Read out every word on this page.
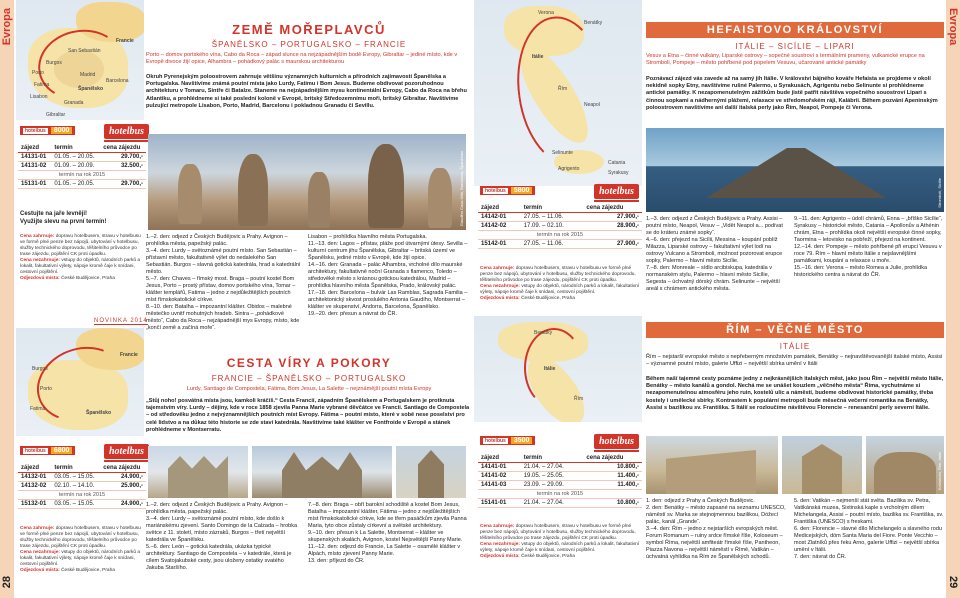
Evropa
28
Francie
San Sebastián
Burgos
Porto
Fatima
Lisabon
Madrid
Barcelona
Španělsko
Granada
Gibraltar
hotelbus	8000	hotelbus
zájezd	termín	cena zájezdu
14131-01	01.05. – 20.05.	29.700,-
14131-02	01.09. – 20.09.	32.500,-
termín na rok 2015		
15131-01	01.05. – 20.05.	29.700,-
Cestujte na jaře levněji!
Využijte slevu na první termín!
Cena zahrnuje: dopravu hotelbusem, stravu v hotelbusu ve formě plné penze bez nápojů, ubytování v hotelbusu, služby technického doprovodu, těšitelního průvodce po trase zájezdu, pojištění CK proti úpadku.
Cena nezahrnuje: vstupy do objektů, národních parků a lokalit, fakultativní výlety, nápoje kromě čaje k snídani, cestovní pojištění.
Odjezdová místa: České Budějovice, Praha
NOVINKA 2014
Francie
Burgos
Porto
Fatima
Španělsko
hotelbus	6800	hotelbus
zájezd	termín	cena zájezdu
14132-01	03.05. – 15.05.	24.900,-
14132-02	02.10. – 14.10.	25.900,-
termín na rok 2015		
15132-01	03.05. – 15.05.	24.900,-
Cena zahrnuje: dopravu hotelbusem, stravu v hotelbusu ve formě plné penze bez nápojů, ubytování v hotelbusu, služby technického doprovodu, těšitelního průvodce po trase zájezdu, pojištění CK proti úpadku.
Cena nezahrnuje: vstupy do objektů, národních parků a lokalit, fakultativní výlety, nápoje kromě čaje k snídani, cestovní pojištění.
Odjezdová místa: České Budějovice, Praha
ZEMĚ MOŘEPLAVCŮ
ŠPANĚLSKO – PORTUGALSKO – FRANCIE
Porto – domov portského vína, Cabo da Roca – západ slunce na nejzápadnějším bodě Evropy, Gibraltar – jediné místo, kde v Evropě divoce žijí opice, Alhambra – pohádkový palác s maurskou architekturou
Okruh Pyrenejským poloostrovem zahrnuje většinu významných kulturních a přírodních zajímavostí Španělska a Portugalska. Navštívíme známá poutní místa jako Lurdy, Fatimu i Bom Jesus. Budeme obdivovat pozoruhodnou architekturu v Tomaru, Sintře či Batalze. Staneme na nejzápadnějším mysu kontinentální Evropy, Cabo da Roca na břehu Atlantiku, a prohlédneme si také poslední koloně v Evropě, britský Středozemnímu moři, britský Gibraltar. Navštívíme pulzující metropole Lisabon, Porto, Madrid, Barcelonu i pokladnou Granadu či Sevillu.
Gaudiho Casa Milà, Barcelona, Španělsko
1.–2. den: odjezd z Českých Budějovic a Prahy. Avignon – prohlídka města, papežský palác.
3.–4. den: Lurdy – světoznámé poutní místo. San Sebastián – přístavní město, fakultativně výlet do nedalekého San Sebastián. Burgos – slavná gotická katedrála, hrad a katedrální město.
5.–7. den: Chaves – římský most. Braga – poutní kostel Bom Jesus, Porto – prostý přístav, domov portského vína, Tomar – klášter templářů, Fatima – jedno z nejdůležitějších poutních míst římskokatolické církve.
8.–10. den: Batalha – impozantní klášter. Obidos – malebné městečko uvnitř mohutných hradeb. Sintra – „pohádkové město“, Cabo da Roca – nejzápadnější mys Evropy, místo, kde „končí země a začíná moře“.
Lisabon – prohlídka hlavního města Portugalska.
11.–13. den: Lagos – přístav, pláže pod útvarnými útesy. Sevilla – kulturní centrum jihu Španělska, Gibraltar – britská území ve Španělsku, jediné místo v Evropě, kde žijí opice.
14.–16. den: Granada – palác Alhambra, vrcholné dílo maurské architektury, fakultativně noční Granada s flamenco, Toledo – středověké město s krásnou gotickou katedrálou, Madrid – prohlídka hlavního města Španělska, Prado, královský palác.
17.–18. den: Barcelona – bulvár Las Ramblas, Sagrada Familia – architektonický skvost proslulého Antonia Gaudího, Montserrat – klášter ve skupenství, Andorra, Barcelona, Španělsko.
19.–20. den: přesun a návrat do ČR.
CESTA VÍRY A POKORY
FRANCIE – ŠPANĚLSKO – PORTUGALSKO
Lurdy, Santiago de Compostela, Fátima, Bom Jesus, La Salette – nejznámější poutní místa Evropy
„Stůj noho! posvátná místa jsou, kamkoli kráčíš.“ Cesta Francií, západním Španělskem a Portugalskem je protknuta tajemstvím víry. Lurdy – dějiny, kde v roce 1858 zjevila Panna Marie vybrané děvčátce ve Francii. Santiago de Compostela – od středověku jedno z nejvýznamnějších poutních míst Evropy. Fátima – poutní místo, které v sobě nese poselství pro celé lidstvo a na důkaz této historie se zde staví katedrála. Navštívíme také klášter ve Fontfroide v Evropě a stánek prohlédneme v Montserratu.
1.–2. den: odjezd z Českých Budějovic a Prahy. Avignon – prohlídka města, papežský palác.
3.–4. den: Lurdy – světoznámé poutní místo, kde došlo k mariánskému zjevení. Santo Domingo de la Calzada – hrobka světce z 11. století, místo zázraků, Burgos – třetí největší katedrála ve Španělsku.
5.–6. den: León – gotická katedrála, ukázka typické architektury. Santiago de Compostela – v katedrále, která je cílem Svatojakubské cesty, jsou uloženy ostatky svatého Jakuba Staršího.
7.–8. den: Braga – obří barokní schodiště a kostel Bom Jesus, Batalha – impozantní klášter, Fátima – jedno z nejdůležitějších míst římskokatolické církve, kde se třem pasáčkům zjevila Panna Maria, tyto obce zůstaly církevní a světské architektury.
9.–10. den: přesun k La Salette, Montserrat – klášter ve skupenských skalách, Avignon, kostel Nejsvětější Panny Marie.
11.–12. den: odjezd do Francie, La Salette – osamělé klášter v Alpách, místo zjevení Panny Marie.
13. den: příjezd do ČR.
Verona
Benátky
Itálie
Řím
Neapol
Selinunte
Agrigento
Catania
Syrakusy
hotelbus	5800	hotelbus
zájezd	termín	cena zájezdu
14142-01	27.05. – 11.06.	27.900,-
14142-02	17.09. – 02.10.	28.900,-
termín na rok 2015		
15142-01	27.05. – 11.06.	27.900,-
Cena zahrnuje: dopravu hotelbusem, stravu v hotelbusu ve formě plné penze bez nápojů, ubytování v hotelbusu, služby technického doprovodu, těšitelního průvodce po trase zájezdu, pojištění CK proti úpadku.
Cena nezahrnuje: vstupy do objektů, národních parků a lokalit, fakultativní výlety, nápoje kromě čaje k snídani, cestovní pojištění.
Odjezdová místa: České Budějovice, Praha
Benátky
Itálie
Řím
hotelbus	3500	hotelbus
zájezd	termín	cena zájezdu
14141-01	21.04. – 27.04.	10.800,-
14141-02	19.05. – 25.05.	11.400,-
14141-03	23.09. – 29.09.	11.400,-
termín na rok 2015		
15141-01	21.04. – 27.04.	10.800,-
Cena zahrnuje: dopravu hotelbusem, stravu v hotelbusu ve formě plné penze bez nápojů, ubytování v hotelbusu, služby technického doprovodu, těšitelního průvodce po trase zájezdu, pojištění CK proti úpadku.
Cena nezahrnuje: vstupy do objektů, národních parků a lokalit, fakultativní výlety, nápoje kromě čaje k snídani, cestovní pojištění.
Odjezdová místa: České Budějovice, Praha
HEFAISTOVO KRÁLOVSTVÍ
ITÁLIE – SICÍLIE – LIPARI
Vesuv a Etna – činné vulkány, Liparské ostrovy – sopečné soustroví s termálními prameny, vulkanické erupce na Stromboli, Pompeje – město pohřbené pod popelem Vesuvu, učarované antické památky
Poznávací zájezd vás zavede až na samý jih Itálie. V království bájného kováře Hefaista se projdeme v okolí nekidně sopky Etny, navštívíme rušné Palermo, u Syrakusách, Agrigentu nebo Selinunte si prohlédneme antické památky. K nezapomenutelným zážitkům bude jistě patřit návštěva vopečného souostroví Lipari s činnou sopkami a nádhernými plážemi, relaxace ve středomořském ráji, Kalábrii. Během pozvání Apeninským poloostrovem navštívíme ani další italská perly jako Řím, Neapol, Pompeje či Verona.
Stromboli, Sicílie
1.–3. den: odjezd z Českých Budějovic a Prahy. Assisi – poutní místo, Neapol, Vesuv – „Vidět Neapol a... podívat se do kráteru známé sopky“.
4.–6. den: přejezd na Sicílii, Messina – koupání poblíž Milazza, Liparské ostrovy – fakultativní výlet lodí na ostrovy Vulcano a Stromboli, možnost pozorovat erupce sopky, Palermo – hlavní město Sicílie.
7.–8. den: Monreale – sídlo arcibiskupa, katedrála v normanském stylu, Palermo – hlavní město Sicílie, Segesta – úchvatný dórský chrám. Selinunte – největší areál s chrámem antického města.
9.–11. den: Agrigento – údolí chrámů, Enna – „bříško Sicílie“, Syrakusy – historické město, Catania – Apollonův a Athénin chrám, Etna – prohlídka okolí největší evropské činné sopky, Taormina – letovisko na pobřeží, přejezd na kontinent.
12.–14. den: Pompeje – město pohřbené při erupci Vesuvu v roce 79. Řím – hlavní město Itálie s nejslavnějšími památkami, koupání a relaxace u moře.
15.–16. den: Verona – město Romea a Julie, prohlídka historického centra a návrat do ČR.
ŘÍM – VĚČNÉ MĚSTO
ITÁLIE
Řím – nejstarší evropské město s nepřeberným množstvím památek, Benátky – nejnavštěvovanější italské místo, Assisi – významné poutní místo, galerie Uffizi – největší sbírka umění v Itálii
Během naší tajemné cesty poznáme jedny z nejkrásnějších italských měst, jako jsou Řím – největší město Itálie, Benátky – město kanálů a gondol. Nechá me se unášet kouzlem „věčného města“ Říma, vychutnáme si nezapomenutelnou atmosféru jeho ruin, kostelů ulic a náměstí, budeme obdivovat historické památky, třeba kostely i umělecké sbírky. Kontrastem k populární metropoli bude měsečná večerní romantika na Benátky, Assisi s bazilikou sv. Františka. S Itálií se rozloučíme návštěvou Florencie – renesanční perly severní Itálie.
Koloseum, Řím, Itálie
1. den: odjezd z Prahy a Českých Budějovic.
2. den: Benátky – město zapsané na seznamu UNESCO, náměstí sv. Marka se stejnojmennou bazilikou, Dóžecí palác, kanál „Grande“.
3.–4. den: Řím – jedno z nejstarších evropských měst. Forum Romanum – ruiny srdce římské říše, Koloseum – symbol Říma, největší amfiteátr římské říše, Pantheon, Piazza Navona – největší náměstí v Římě, Vatikán – úchvatná vyhlídka na Řím ze Španělských schodů.
5. den: Vatikán – nejmenší stát světa. Bazilika sv. Petra, Vatikánská muzea, Sixtinská kaple s vrcholným dílem Michelangela, Assisi – poutní místo, bazilika sv. Františka, sv. Františka (UNESCO) s freskami.
6. den: Florencie – slavné dílo Michelangelo a slavného rodu Medicejských, dóm Santa Maria del Fiore. Ponte Vecchio – most Zlatníků přes řeku Arno, galerie Uffizi – největší sbírka umění v Itálii.
7. den: návrat do ČR.
Evropa
29
